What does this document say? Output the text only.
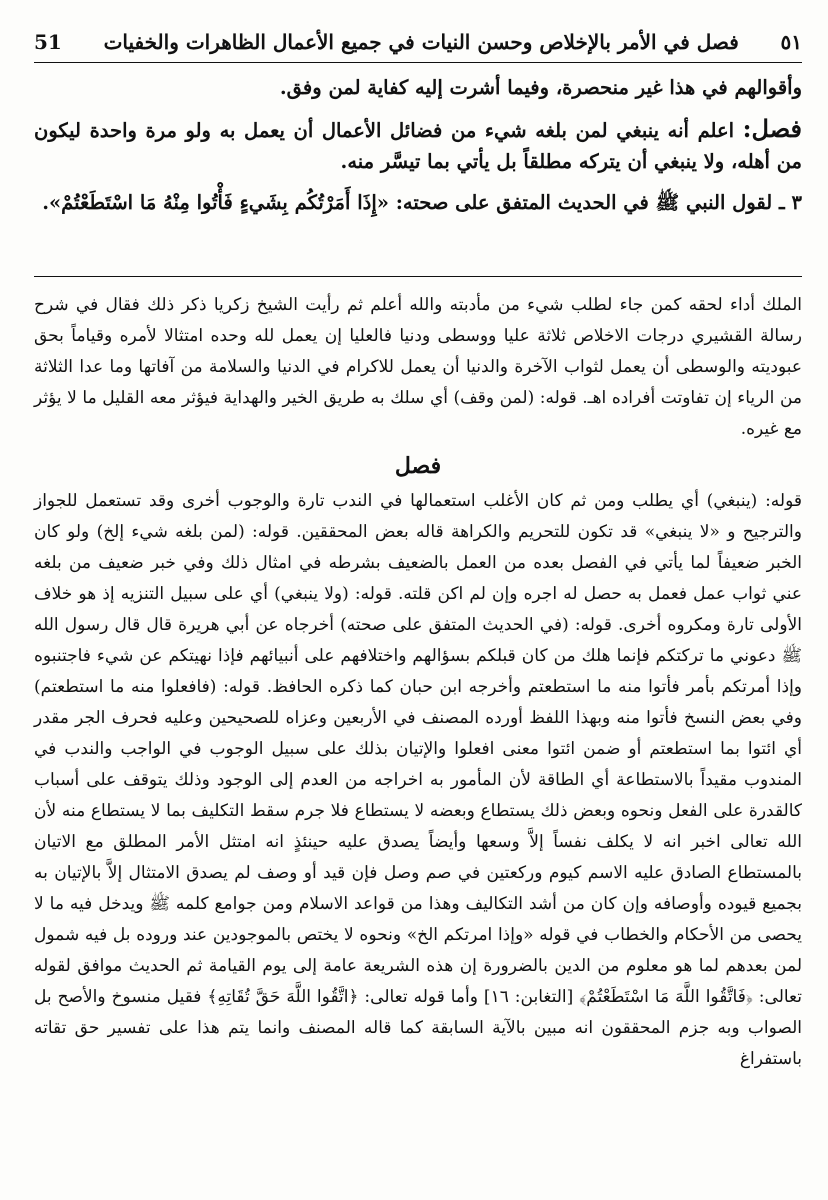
51 فصل في الأمر بالإخلاص وحسن النيات في جميع الأعمال الظاهرات والخفيات ٥١

وأقوالهم في هذا غير منحصرة، وفيما أشرت إليه كفاية لمن وفق.

فصل: اعلم أنه ينبغي لمن بلغه شيء من فضائل الأعمال أن يعمل به ولو مرة واحدة ليكون من أهله، ولا ينبغي أن يتركه مطلقاً بل يأتي بما تيسَّر منه.

٣ ـ لقول النبي ﷺ في الحديث المتفق على صحته: «إِذَا أَمَرْتُكُم بِشَيءٍ فَأْتُوا مِنْهُ مَا اسْتَطَعْتُمْ».

الملك أداء لحقه كمن جاء لطلب شيء من مأدبته والله أعلم ثم رأيت الشيخ زكريا ذكر ذلك فقال في شرح رسالة القشيري درجات الاخلاص ثلاثة عليا ووسطى ودنيا فالعليا إن يعمل لله وحده امتثالا لأمره وقياماً بحق عبوديته والوسطى أن يعمل لثواب الآخرة والدنيا أن يعمل للاكرام في الدنيا والسلامة من آفاتها وما عدا الثلاثة من الرياء إن تفاوتت أفراده اهـ. قوله: (لمن وقف) أي سلك به طريق الخير والهداية فيؤثر معه القليل ما لا يؤثر مع غيره.

فصل

قوله: (ينبغي) أي يطلب ومن ثم كان الأغلب استعمالها في الندب تارة والوجوب أخرى وقد تستعمل للجواز والترجيح و «لا ينبغي» قد تكون للتحريم والكراهة قاله بعض المحققين. قوله: (لمن بلغه شيء إلخ) ولو كان الخبر ضعيفاً لما يأتي في الفصل بعده من العمل بالضعيف بشرطه في امثال ذلك وفي خبر ضعيف من بلغه عني ثواب عمل فعمل به حصل له اجره وإن لم اكن قلته. قوله: (ولا ينبغي) أي على سبيل التنزيه إذ هو خلاف الأولى تارة ومكروه أخرى. قوله: (في الحديث المتفق على صحته) أخرجاه عن أبي هريرة قال قال رسول الله ﷺ دعوني ما تركتكم فإنما هلك من كان قبلكم بسؤالهم واختلافهم على أنبيائهم فإذا نهيتكم عن شيء فاجتنبوه وإذا أمرتكم بأمر فأتوا منه ما استطعتم وأخرجه ابن حبان كما ذكره الحافظ. قوله: (فافعلوا منه ما استطعتم) وفي بعض النسخ فأتوا منه وبهذا اللفظ أورده المصنف في الأربعين وعزاه للصحيحين وعليه فحرف الجر مقدر أي ائتوا بما استطعتم أو ضمن ائتوا معنى افعلوا والإتيان بذلك على سبيل الوجوب في الواجب والندب في المندوب مقيداً بالاستطاعة أي الطاقة لأن المأمور به اخراجه من العدم إلى الوجود وذلك يتوقف على أسباب كالقدرة على الفعل ونحوه وبعض ذلك يستطاع وبعضه لا يستطاع فلا جرم سقط التكليف بما لا يستطاع منه لأن الله تعالى اخبر انه لا يكلف نفساً إلاَّ وسعها وأيضاً يصدق عليه حينئذٍ انه امتثل الأمر المطلق مع الاتيان بالمستطاع الصادق عليه الاسم كيوم وركعتين في صم وصل فإن قيد أو وصف لم يصدق الامتثال إلاَّ بالإتيان به بجميع قيوده وأوصافه وإن كان من أشد التكاليف وهذا من قواعد الاسلام ومن جوامع كلمه ﷺ ويدخل فيه ما لا يحصى من الأحكام والخطاب في قوله «وإذا امرتكم الخ» ونحوه لا يختص بالموجودين عند وروده بل فيه شمول لمن بعدهم لما هو معلوم من الدين بالضرورة إن هذه الشريعة عامة إلى يوم القيامة ثم الحديث موافق لقوله تعالى: ﴿فَاتَّقُوا اللَّهَ مَا اسْتَطَعْتُمْ﴾ [التغابن: ١٦] وأما قوله تعالى: ﴿اتَّقُوا اللَّهَ حَقَّ تُقَاتِهِ﴾ فقيل منسوخ والأصح بل الصواب وبه جزم المحققون انه مبين بالآية السابقة كما قاله المصنف وانما يتم هذا على تفسير حق تقاته باستفراغ
